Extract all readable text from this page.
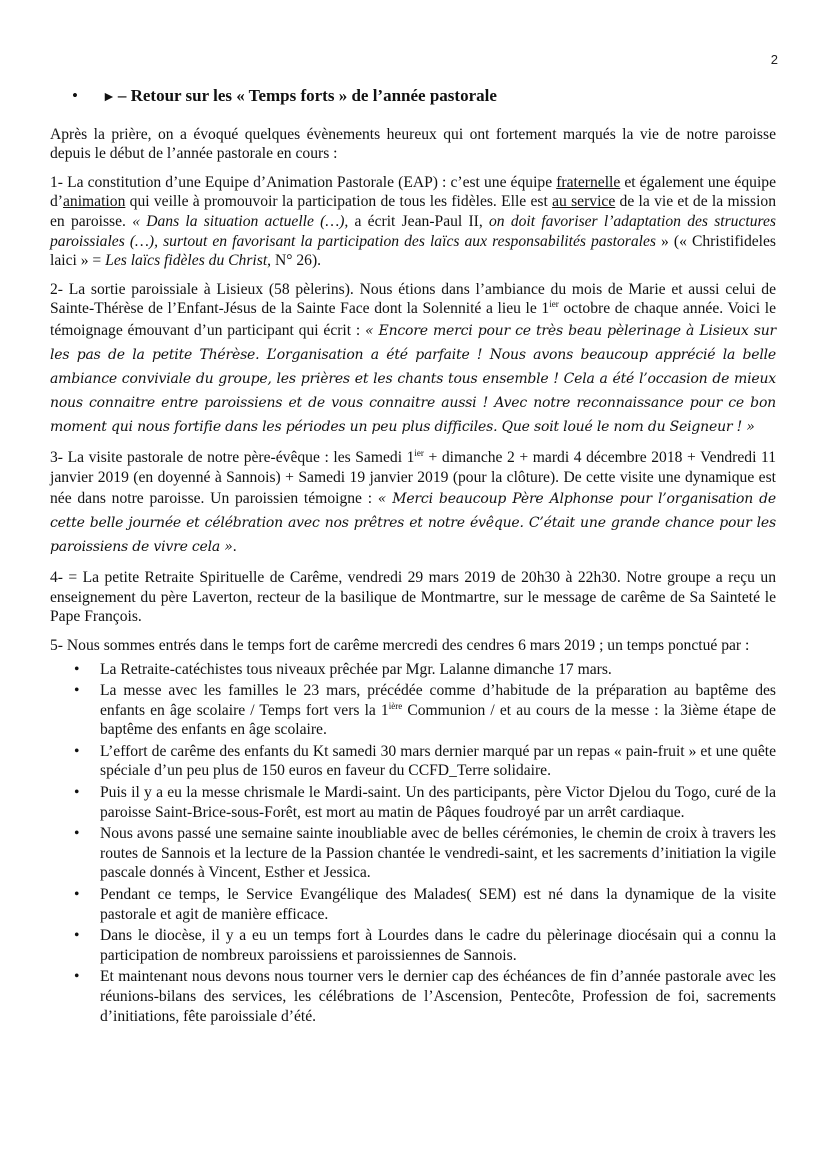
2
•	► – Retour sur les « Temps forts » de l’année pastorale

Après la prière, on a évoqué quelques évènements heureux qui ont fortement marqués la vie de notre paroisse depuis le début de l’année pastorale en cours :

1- La constitution d’une Equipe d’Animation Pastorale (EAP) : c’est une équipe fraternelle et également une équipe d’animation qui veille à promouvoir la participation de tous les fidèles. Elle est au service de la vie et de la mission en paroisse. « Dans la situation actuelle (…), a écrit Jean-Paul II, on doit favoriser l’adaptation des structures paroissiales (…), surtout en favorisant la participation des laïcs aux responsabilités pastorales » (« Christifideles laici » = Les laïcs fidèles du Christ, N° 26).

2- La sortie paroissiale à Lisieux (58 pèlerins). Nous étions dans l’ambiance du mois de Marie et aussi celui de Sainte-Thérèse de l’Enfant-Jésus de la Sainte Face dont la Solennité a lieu le $1^{ier}$ octobre de chaque année. Voici le témoignage émouvant d’un participant qui écrit : « Encore merci pour ce très beau pèlerinage à Lisieux sur les pas de la petite Thérèse. L’organisation a été parfaite ! Nous avons beaucoup apprécié la belle ambiance conviviale du groupe, les prières et les chants tous ensemble ! Cela a été l’occasion de mieux nous connaitre entre paroissiens et de vous connaitre aussi ! Avec notre reconnaissance pour ce bon moment qui nous fortifie dans les périodes un peu plus difficiles. Que soit loué le nom du Seigneur ! »

3- La visite pastorale de notre père-évêque : les Samedi $1^{ier}$ + dimanche 2 + mardi 4 décembre 2018 + Vendredi 11 janvier 2019 (en doyenné à Sannois) + Samedi 19 janvier 2019 (pour la clôture). De cette visite une dynamique est née dans notre paroisse. Un paroissien témoigne : « Merci beaucoup Père Alphonse pour l’organisation de cette belle journée et célébration avec nos prêtres et notre évêque. C’était une grande chance pour les paroissiens de vivre cela ».

4- = La petite Retraite Spirituelle de Carême, vendredi 29 mars 2019 de 20h30 à 22h30. Notre groupe a reçu un enseignement du père Laverton, recteur de la basilique de Montmartre, sur le message de carême de Sa Sainteté le Pape François.

5- Nous sommes entrés dans le temps fort de carême mercredi des cendres 6 mars 2019 ; un temps ponctué par :

• La Retraite-catéchistes tous niveaux prêchée par Mgr. Lalanne dimanche 17 mars.
• La messe avec les familles le 23 mars, précédée comme d’habitude de la préparation au baptême des enfants en âge scolaire / Temps fort vers la $1^{ière}$ Communion / et au cours de la messe : la 3ième étape de baptême des enfants en âge scolaire.
• L’effort de carême des enfants du Kt samedi 30 mars dernier marqué par un repas « pain-fruit » et une quête spéciale d’un peu plus de 150 euros en faveur du CCFD_Terre solidaire.
• Puis il y a eu la messe chrismale le Mardi-saint. Un des participants, père Victor Djelou du Togo, curé de la paroisse Saint-Brice-sous-Forêt, est mort au matin de Pâques foudroyé par un arrêt cardiaque.
• Nous avons passé une semaine sainte inoubliable avec de belles cérémonies, le chemin de croix à travers les routes de Sannois et la lecture de la Passion chantée le vendredi-saint, et les sacrements d’initiation la vigile pascale donnés à Vincent, Esther et Jessica.
• Pendant ce temps, le Service Evangélique des Malades( SEM) est né dans la dynamique de la visite pastorale et agit de manière efficace.
• Dans le diocèse, il y a eu un temps fort à Lourdes dans le cadre du pèlerinage diocésain qui a connu la participation de nombreux paroissiens et paroissiennes de Sannois.
• Et maintenant nous devons nous tourner vers le dernier cap des échéances de fin d’année pastorale avec les réunions-bilans des services, les célébrations de l’Ascension, Pentecôte, Profession de foi, sacrements d’initiations, fête paroissiale d’été.
